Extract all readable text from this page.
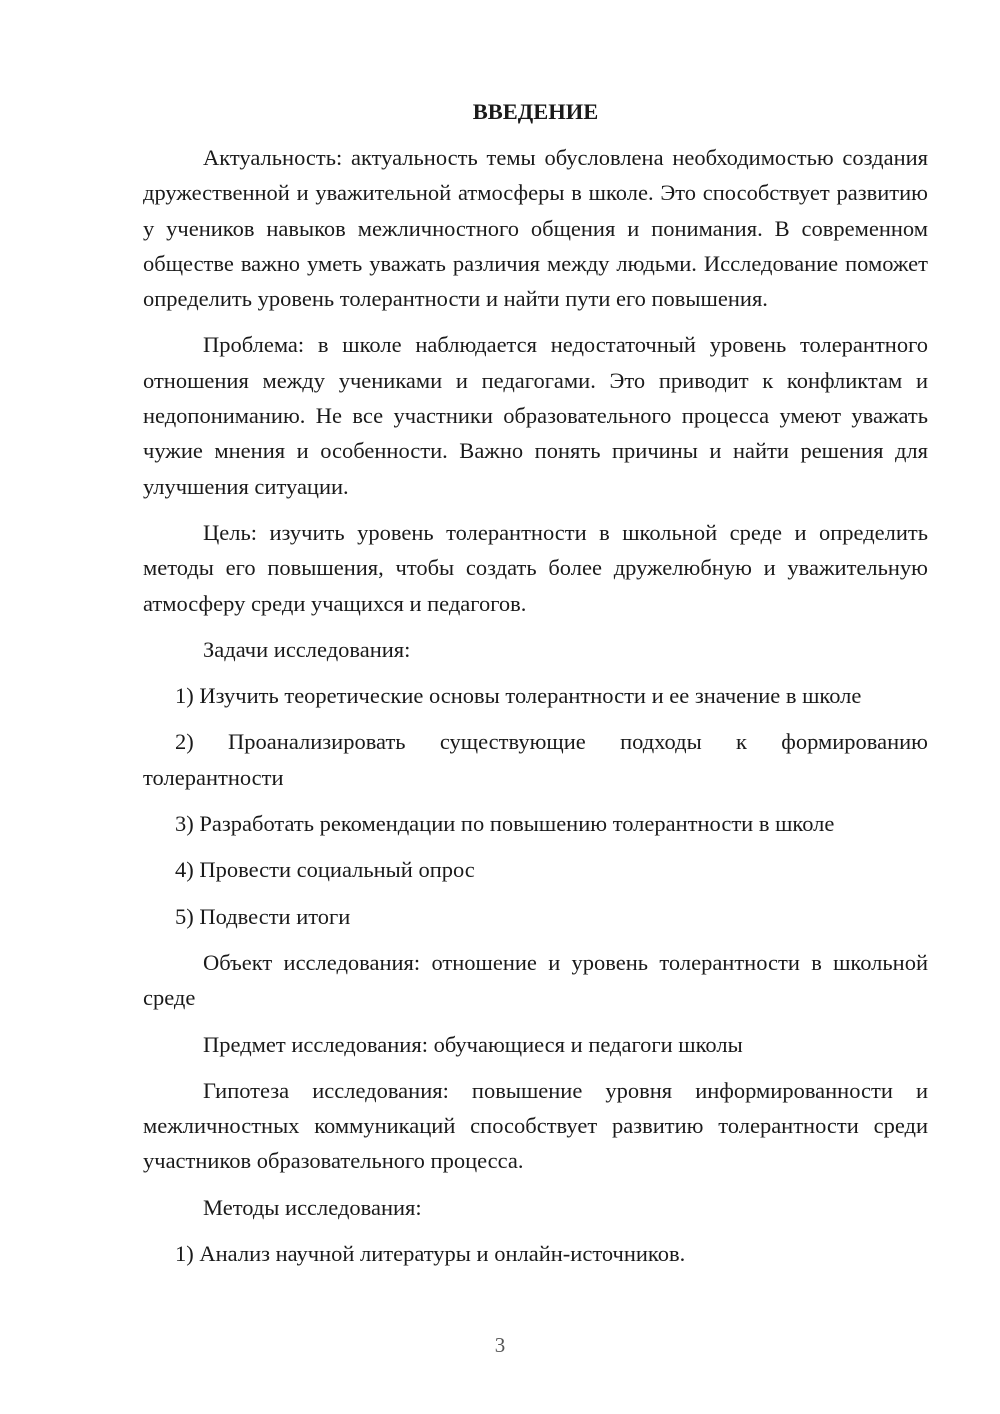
ВВЕДЕНИЕ

Актуальность: актуальность темы обусловлена необходимостью создания дружественной и уважительной атмосферы в школе. Это способствует развитию у учеников навыков межличностного общения и понимания. В современном обществе важно уметь уважать различия между людьми. Исследование поможет определить уровень толерантности и найти пути его повышения.

Проблема: в школе наблюдается недостаточный уровень толерантного отношения между учениками и педагогами. Это приводит к конфликтам и недопониманию. Не все участники образовательного процесса умеют уважать чужие мнения и особенности. Важно понять причины и найти решения для улучшения ситуации.

Цель: изучить уровень толерантности в школьной среде и определить методы его повышения, чтобы создать более дружелюбную и уважительную атмосферу среди учащихся и педагогов.

Задачи исследования:

1) Изучить теоретические основы толерантности и ее значение в школе

2) Проанализировать существующие подходы к формированию толерантности

3) Разработать рекомендации по повышению толерантности в школе

4) Провести социальный опрос

5) Подвести итоги

Объект исследования: отношение и уровень толерантности в школьной среде

Предмет исследования: обучающиеся и педагоги школы

Гипотеза исследования: повышение уровня информированности и межличностных коммуникаций способствует развитию толерантности среди участников образовательного процесса.

Методы исследования:

1) Анализ научной литературы и онлайн-источников.

3
